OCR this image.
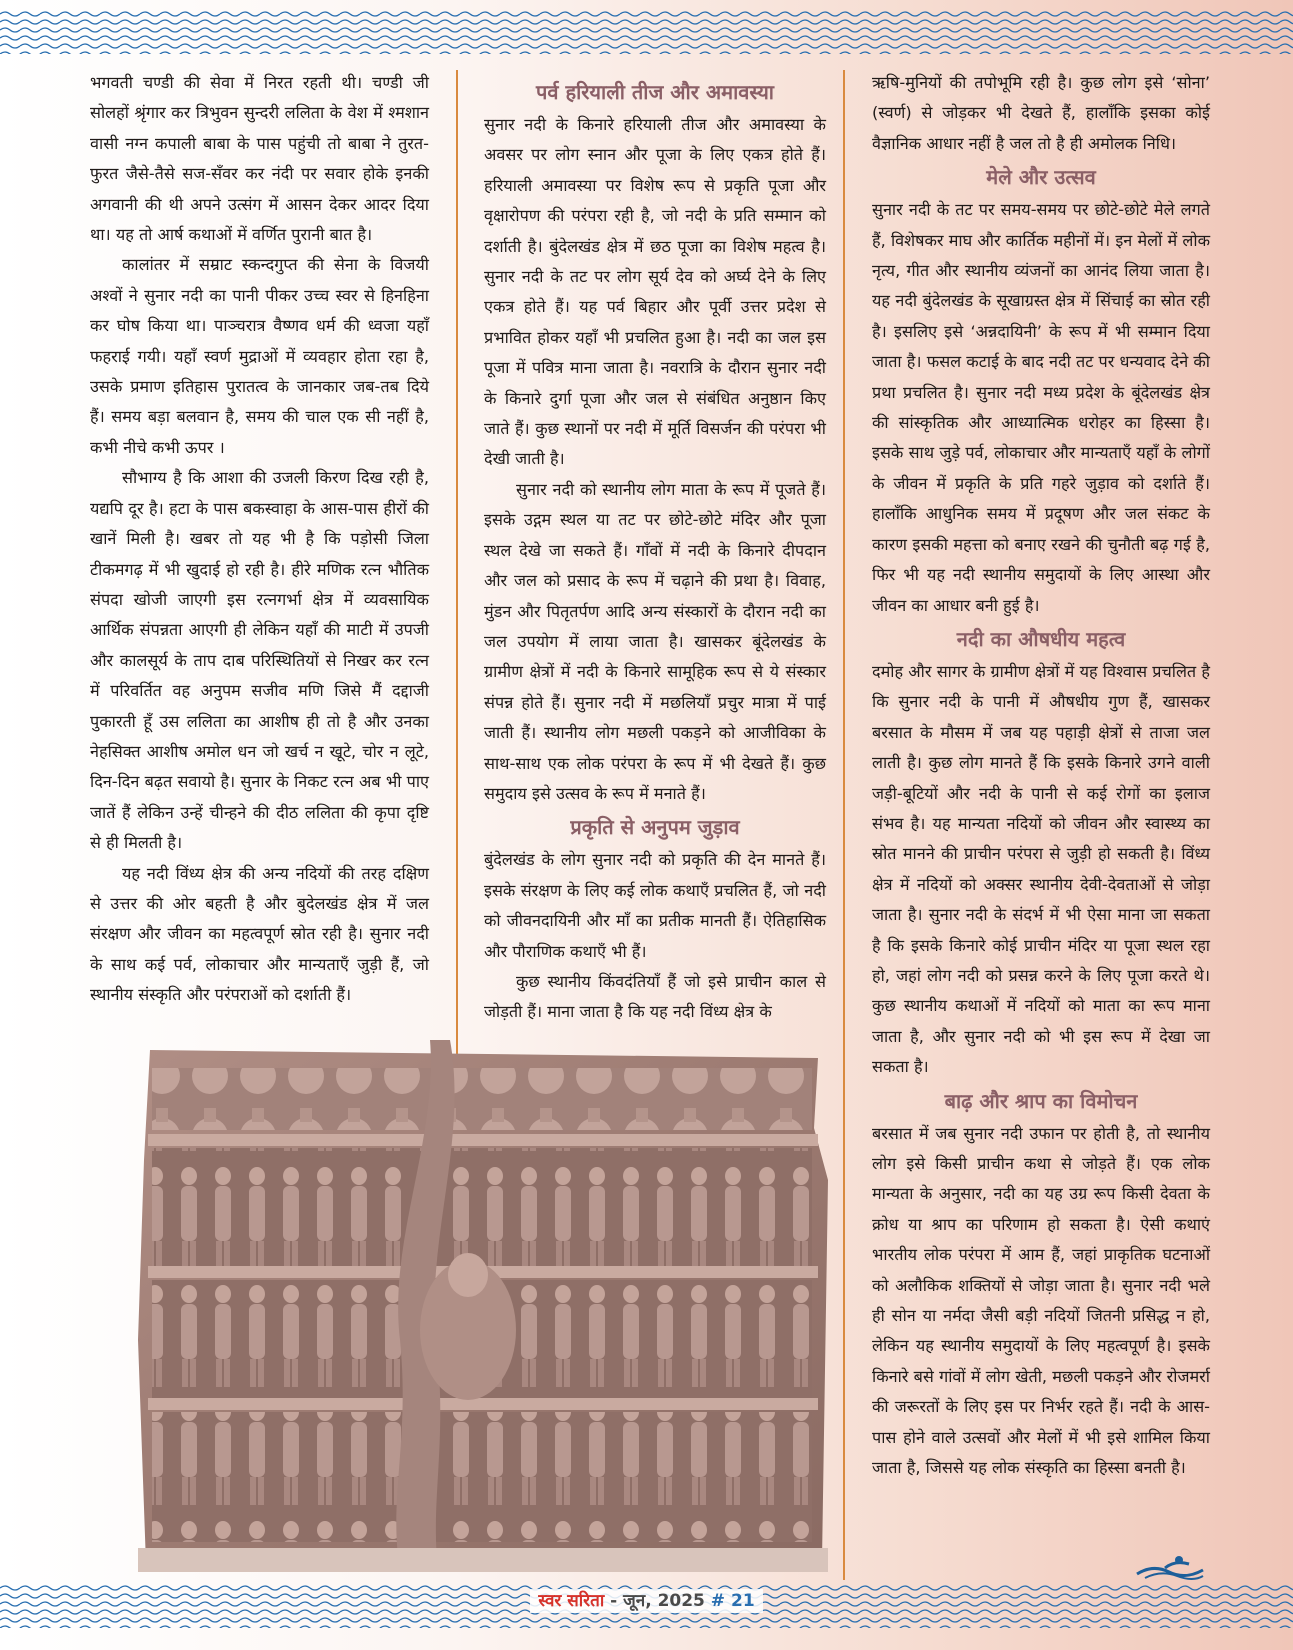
भगवती चण्डी की सेवा में निरत रहती थी। चण्डी जी सोलहों श्रृंगार कर त्रिभुवन सुन्दरी ललिता के वेश में श्मशान वासी नग्न कपाली बाबा के पास पहुंची तो बाबा ने तुरत-फुरत जैसे-तैसे सज-सँवर कर नंदी पर सवार होके इनकी अगवानी की थी अपने उत्संग में आसन देकर आदर दिया था। यह तो आर्ष कथाओं में वर्णित पुरानी बात है।

कालांतर में सम्राट स्कन्दगुप्त की सेना के विजयी अश्वों ने सुनार नदी का पानी पीकर उच्च स्वर से हिनहिना कर घोष किया था। पाञ्चरात्र वैष्णव धर्म की ध्वजा यहाँ फहराई गयी। यहाँ स्वर्ण मुद्राओं में व्यवहार होता रहा है, उसके प्रमाण इतिहास पुरातत्व के जानकार जब-तब दिये हैं। समय बड़ा बलवान है, समय की चाल एक सी नहीं है, कभी नीचे कभी ऊपर ।

सौभाग्य है कि आशा की उजली किरण दिख रही है, यद्यपि दूर है। हटा के पास बकस्वाहा के आस-पास हीरों की खानें मिली है। खबर तो यह भी है कि पड़ोसी जिला टीकमगढ़ में भी खुदाई हो रही है। हीरे मणिक रत्न भौतिक संपदा खोजी जाएगी इस रत्नगर्भा क्षेत्र में व्यवसायिक आर्थिक संपन्नता आएगी ही लेकिन यहाँ की माटी में उपजी और कालसूर्य के ताप दाब परिस्थितियों से निखर कर रत्न में परिवर्तित वह अनुपम सजीव मणि जिसे मैं दद्दाजी पुकारती हूँ उस ललिता का आशीष ही तो है और उनका नेहसिक्त आशीष अमोल धन जो खर्च न खूटे, चोर न लूटे, दिन-दिन बढ़त सवायो है। सुनार के निकट रत्न अब भी पाए जातें हैं लेकिन उन्हें चीन्हने की दीठ ललिता की कृपा दृष्टि से ही मिलती है।

यह नदी विंध्य क्षेत्र की अन्य नदियों की तरह दक्षिण से उत्तर की ओर बहती है और बुदेलखंड क्षेत्र में जल संरक्षण और जीवन का महत्वपूर्ण स्रोत रही है। सुनार नदी के साथ कई पर्व, लोकाचार और मान्यताएँ जुड़ी हैं, जो स्थानीय संस्कृति और परंपराओं को दर्शाती हैं।

पर्व हरियाली तीज और अमावस्या

सुनार नदी के किनारे हरियाली तीज और अमावस्या के अवसर पर लोग स्नान और पूजा के लिए एकत्र होते हैं। हरियाली अमावस्या पर विशेष रूप से प्रकृति पूजा और वृक्षारोपण की परंपरा रही है, जो नदी के प्रति सम्मान को दर्शाती है। बुंदेलखंड क्षेत्र में छठ पूजा का विशेष महत्व है। सुनार नदी के तट पर लोग सूर्य देव को अर्घ्य देने के लिए एकत्र होते हैं। यह पर्व बिहार और पूर्वी उत्तर प्रदेश से प्रभावित होकर यहाँ भी प्रचलित हुआ है। नदी का जल इस पूजा में पवित्र माना जाता है। नवरात्रि के दौरान सुनार नदी के किनारे दुर्गा पूजा और जल से संबंधित अनुष्ठान किए जाते हैं। कुछ स्थानों पर नदी में मूर्ति विसर्जन की परंपरा भी देखी जाती है।

सुनार नदी को स्थानीय लोग माता के रूप में पूजते हैं। इसके उद्गम स्थल या तट पर छोटे-छोटे मंदिर और पूजा स्थल देखे जा सकते हैं। गाँवों में नदी के किनारे दीपदान और जल को प्रसाद के रूप में चढ़ाने की प्रथा है। विवाह, मुंडन और पितृतर्पण आदि अन्य संस्कारों के दौरान नदी का जल उपयोग में लाया जाता है। खासकर बूंदेलखंड के ग्रामीण क्षेत्रों में नदी के किनारे सामूहिक रूप से ये संस्कार संपन्न होते हैं। सुनार नदी में मछलियाँ प्रचुर मात्रा में पाई जाती हैं। स्थानीय लोग मछली पकड़ने को आजीविका के साथ-साथ एक लोक परंपरा के रूप में भी देखते हैं। कुछ समुदाय इसे उत्सव के रूप में मनाते हैं।

प्रकृति से अनुपम जुड़ाव

बुंदेलखंड के लोग सुनार नदी को प्रकृति की देन मानते हैं। इसके संरक्षण के लिए कई लोक कथाएँ प्रचलित हैं, जो नदी को जीवनदायिनी और माँ का प्रतीक मानती हैं। ऐतिहासिक और पौराणिक कथाएँ भी हैं।

कुछ स्थानीय किंवदंतियाँ हैं जो इसे प्राचीन काल से जोड़ती हैं। माना जाता है कि यह नदी विंध्य क्षेत्र के

ऋषि-मुनियों की तपोभूमि रही है। कुछ लोग इसे ‘सोना’ (स्वर्ण) से जोड़कर भी देखते हैं, हालाँकि इसका कोई वैज्ञानिक आधार नहीं है जल तो है ही अमोलक निधि।

मेले और उत्सव

सुनार नदी के तट पर समय-समय पर छोटे-छोटे मेले लगते हैं, विशेषकर माघ और कार्तिक महीनों में। इन मेलों में लोक नृत्य, गीत और स्थानीय व्यंजनों का आनंद लिया जाता है। यह नदी बुंदेलखंड के सूखाग्रस्त क्षेत्र में सिंचाई का स्रोत रही है। इसलिए इसे ‘अन्नदायिनी’ के रूप में भी सम्मान दिया जाता है। फसल कटाई के बाद नदी तट पर धन्यवाद देने की प्रथा प्रचलित है। सुनार नदी मध्य प्रदेश के बूंदेलखंड क्षेत्र की सांस्कृतिक और आध्यात्मिक धरोहर का हिस्सा है। इसके साथ जुड़े पर्व, लोकाचार और मान्यताएँ यहाँ के लोगों के जीवन में प्रकृति के प्रति गहरे जुड़ाव को दर्शाते हैं। हालाँकि आधुनिक समय में प्रदूषण और जल संकट के कारण इसकी महत्ता को बनाए रखने की चुनौती बढ़ गई है, फिर भी यह नदी स्थानीय समुदायों के लिए आस्था और जीवन का आधार बनी हुई है।

नदी का औषधीय महत्व

दमोह और सागर के ग्रामीण क्षेत्रों में यह विश्वास प्रचलित है कि सुनार नदी के पानी में औषधीय गुण हैं, खासकर बरसात के मौसम में जब यह पहाड़ी क्षेत्रों से ताजा जल लाती है। कुछ लोग मानते हैं कि इसके किनारे उगने वाली जड़ी-बूटियों और नदी के पानी से कई रोगों का इलाज संभव है। यह मान्यता नदियों को जीवन और स्वास्थ्य का स्रोत मानने की प्राचीन परंपरा से जुड़ी हो सकती है। विंध्य क्षेत्र में नदियों को अक्सर स्थानीय देवी-देवताओं से जोड़ा जाता है। सुनार नदी के संदर्भ में भी ऐसा माना जा सकता है कि इसके किनारे कोई प्राचीन मंदिर या पूजा स्थल रहा हो, जहां लोग नदी को प्रसन्न करने के लिए पूजा करते थे। कुछ स्थानीय कथाओं में नदियों को माता का रूप माना जाता है, और सुनार नदी को भी इस रूप में देखा जा सकता है।

बाढ़ और श्राप का विमोचन

बरसात में जब सुनार नदी उफान पर होती है, तो स्थानीय लोग इसे किसी प्राचीन कथा से जोड़ते हैं। एक लोक मान्यता के अनुसार, नदी का यह उग्र रूप किसी देवता के क्रोध या श्राप का परिणाम हो सकता है। ऐसी कथाएं भारतीय लोक परंपरा में आम हैं, जहां प्राकृतिक घटनाओं को अलौकिक शक्तियों से जोड़ा जाता है। सुनार नदी भले ही सोन या नर्मदा जैसी बड़ी नदियों जितनी प्रसिद्ध न हो, लेकिन यह स्थानीय समुदायों के लिए महत्वपूर्ण है। इसके किनारे बसे गांवों में लोग खेती, मछली पकड़ने और रोजमर्रा की जरूरतों के लिए इस पर निर्भर रहते हैं। नदी के आस-पास होने वाले उत्सवों और मेलों में भी इसे शामिल किया जाता है, जिससे यह लोक संस्कृति का हिस्सा बनती है।

स्वर सरिता - जून, 2025 # 21
